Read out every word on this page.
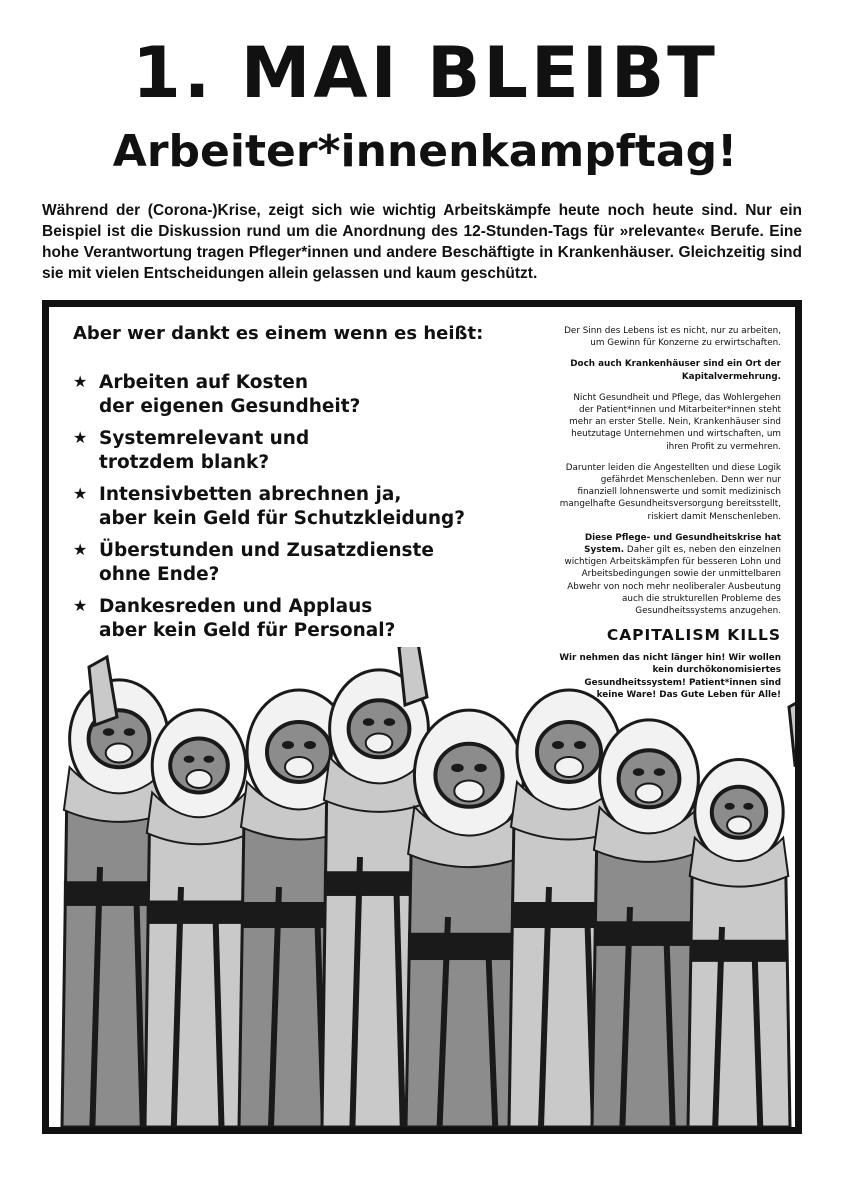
1. MAI BLEIBT
Arbeiter*innenkampftag!

Während der (Corona-)Krise, zeigt sich wie wichtig Arbeitskämpfe heute noch heute sind. Nur ein Beispiel ist die Diskussion rund um die Anordnung des 12-Stunden-Tags für »relevante« Berufe. Eine hohe Verantwortung tragen Pfleger*innen und andere Beschäftigte in Krankenhäuser. Gleichzeitig sind sie mit vielen Entscheidungen allein gelassen und kaum geschützt.

Aber wer dankt es einem wenn es heißt:
★ Arbeiten auf Kosten
der eigenen Gesundheit?
★ Systemrelevant und
trotzdem blank?
★ Intensivbetten abrechnen ja,
aber kein Geld für Schutzkleidung?
★ Überstunden und Zusatzdienste
ohne Ende?
★ Dankesreden und Applaus
aber kein Geld für Personal?

Der Sinn des Lebens ist es nicht, nur zu arbeiten, um Gewinn für Konzerne zu erwirtschaften.

Doch auch Krankenhäuser sind ein Ort der Kapitalvermehrung.

Nicht Gesundheit und Pflege, das Wohlergehen der Patient*innen und Mitarbeiter*innen steht mehr an erster Stelle. Nein, Krankenhäuser sind heutzutage Unternehmen und wirtschaften, um ihren Profit zu vermehren.

Darunter leiden die Angestellten und diese Logik gefährdet Menschenleben. Denn wer nur finanziell lohnenswerte und somit medizinisch mangelhafte Gesundheitsversorgung bereitsstellt, riskiert damit Menschenleben.

Diese Pflege- und Gesundheitskrise hat System. Daher gilt es, neben den einzelnen wichtigen Arbeitskämpfen für besseren Lohn und Arbeitsbedingungen sowie der unmittelbaren Abwehr von noch mehr neoliberaler Ausbeutung auch die strukturellen Probleme des Gesundheitssystems anzugehen.

CAPITALISM KILLS

Wir nehmen das nicht länger hin! Wir wollen kein durchökonomisiertes Gesundheitssystem! Patient*innen sind keine Ware! Das Gute Leben für Alle!
